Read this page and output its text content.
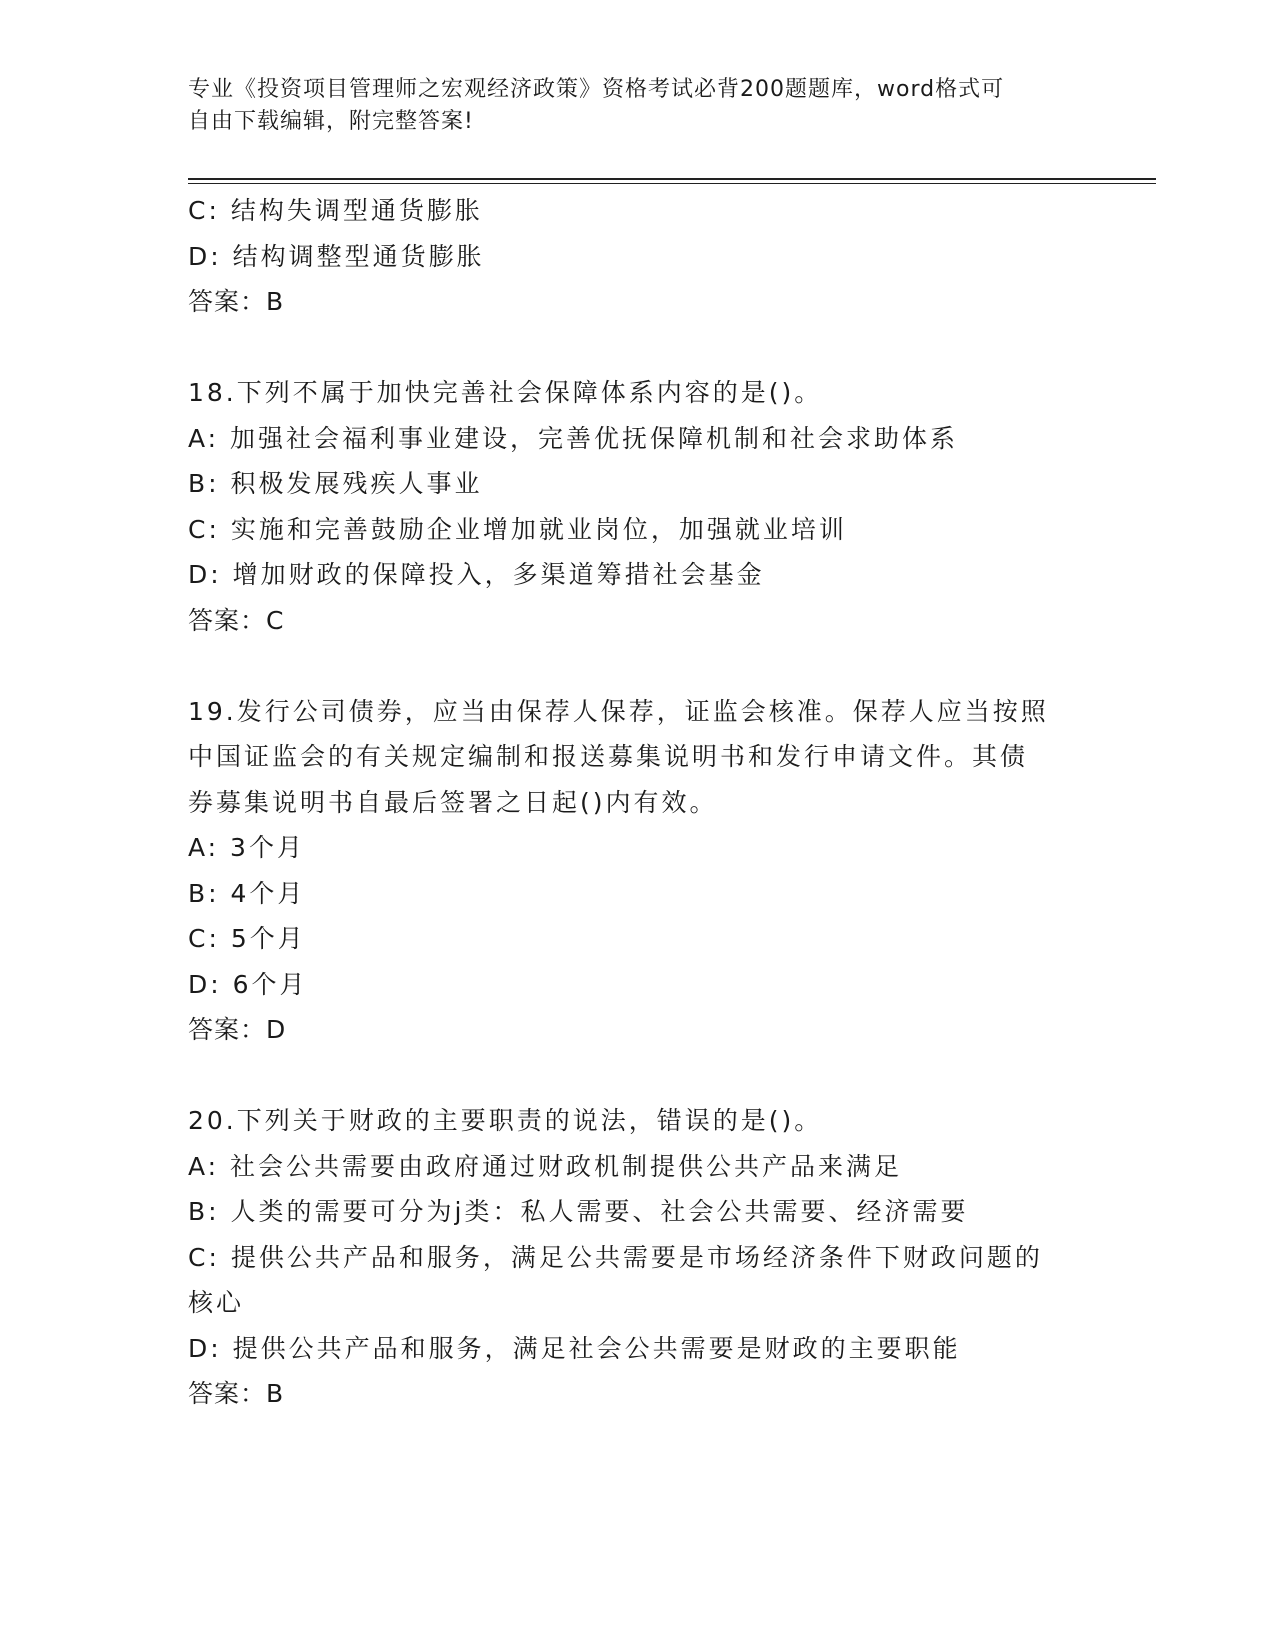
专业《投资项目管理师之宏观经济政策》资格考试必背200题题库，word格式可
自由下载编辑，附完整答案!
C: 结构失调型通货膨胀
D: 结构调整型通货膨胀
答案：B
18.下列不属于加快完善社会保障体系内容的是()。
A: 加强社会福利事业建设，完善优抚保障机制和社会求助体系
B: 积极发展残疾人事业
C: 实施和完善鼓励企业增加就业岗位，加强就业培训
D: 增加财政的保障投入，多渠道筹措社会基金
答案：C
19.发行公司债券，应当由保荐人保荐，证监会核准。保荐人应当按照
中国证监会的有关规定编制和报送募集说明书和发行申请文件。其债
券募集说明书自最后签署之日起()内有效。
A: 3个月
B: 4个月
C: 5个月
D: 6个月
答案：D
20.下列关于财政的主要职责的说法，错误的是()。
A: 社会公共需要由政府通过财政机制提供公共产品来满足
B: 人类的需要可分为j类：私人需要、社会公共需要、经济需要
C: 提供公共产品和服务，满足公共需要是市场经济条件下财政问题的
核心
D: 提供公共产品和服务，满足社会公共需要是财政的主要职能
答案：B
